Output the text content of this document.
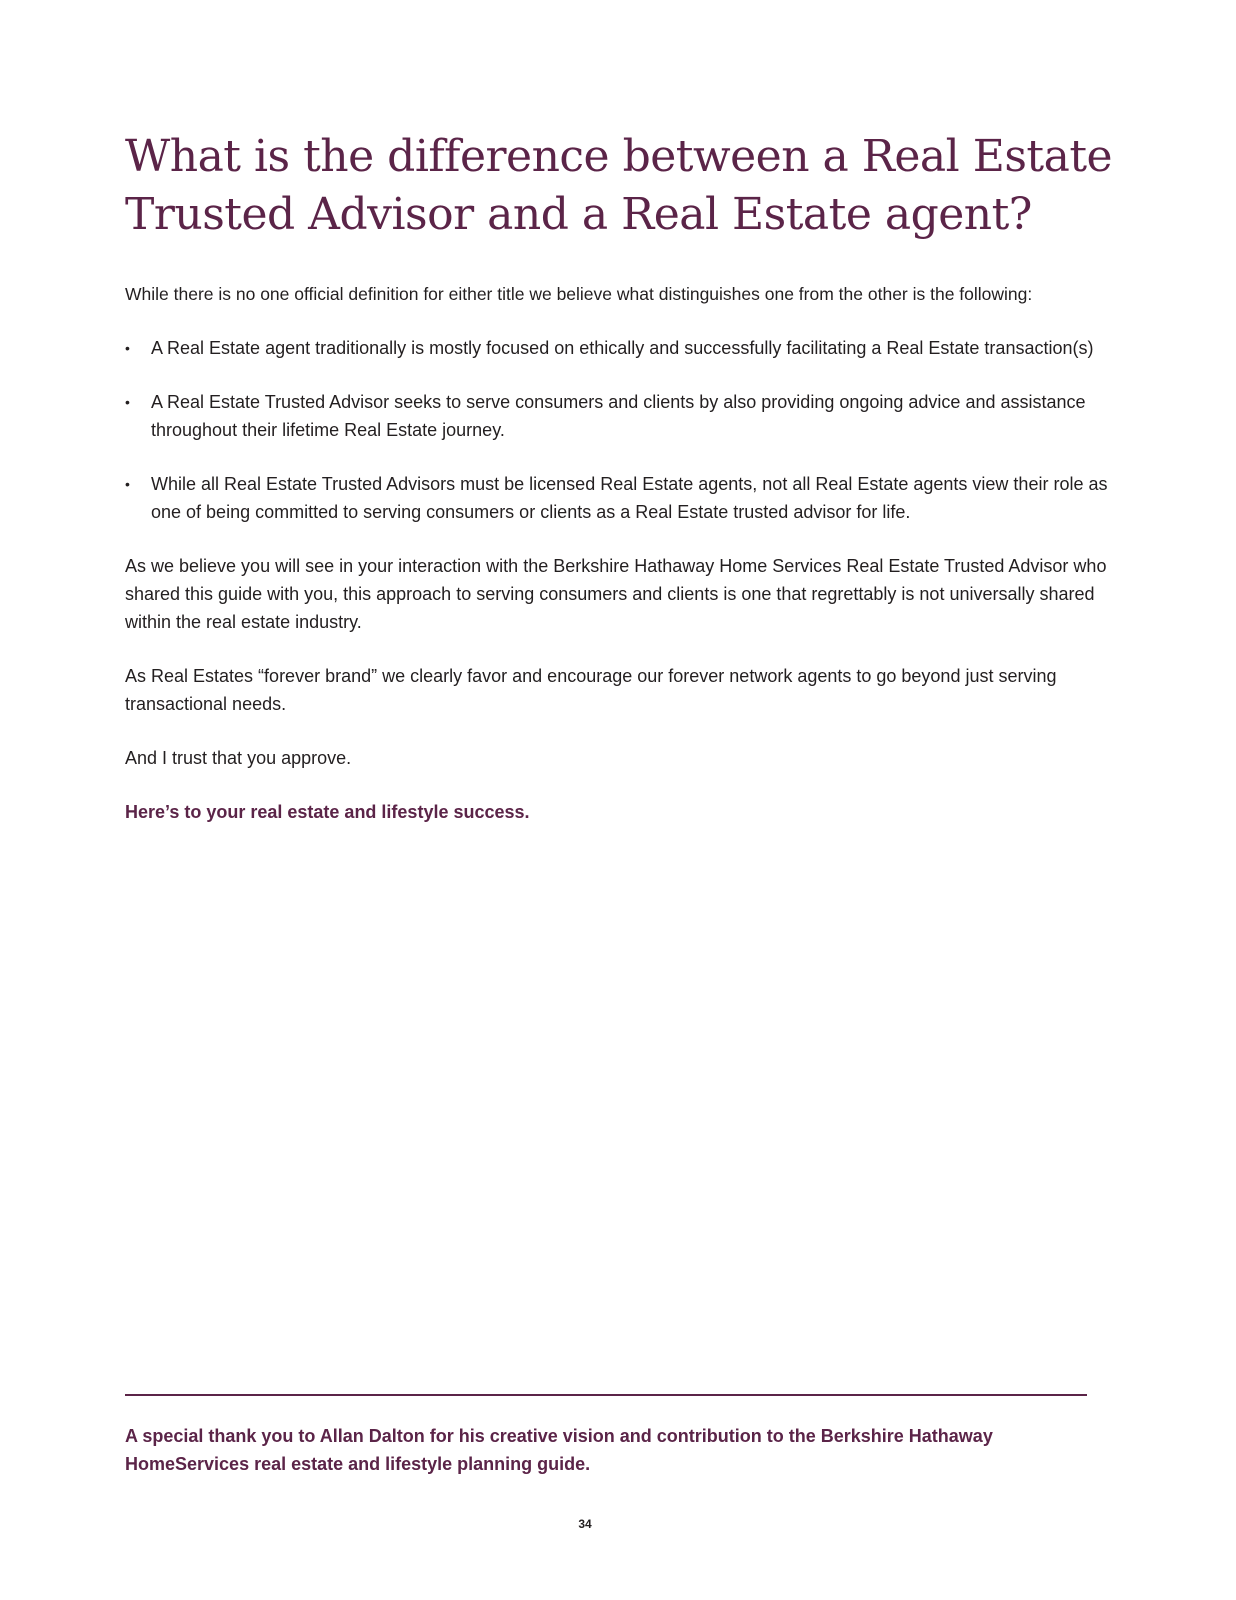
What is the difference between a Real Estate
Trusted Advisor and a Real Estate agent?

While there is no one official definition for either title we believe what distinguishes one from the other is the following:

• A Real Estate agent traditionally is mostly focused on ethically and successfully facilitating a Real Estate transaction(s)
• A Real Estate Trusted Advisor seeks to serve consumers and clients by also providing ongoing advice and assistance throughout their lifetime Real Estate journey.
• While all Real Estate Trusted Advisors must be licensed Real Estate agents, not all Real Estate agents view their role as one of being committed to serving consumers or clients as a Real Estate trusted advisor for life.

As we believe you will see in your interaction with the Berkshire Hathaway Home Services Real Estate Trusted Advisor who shared this guide with you, this approach to serving consumers and clients is one that regrettably is not universally shared within the real estate industry.

As Real Estates “forever brand” we clearly favor and encourage our forever network agents to go beyond just serving transactional needs.

And I trust that you approve.

Here’s to your real estate and lifestyle success.

A special thank you to Allan Dalton for his creative vision and contribution to the Berkshire Hathaway HomeServices real estate and lifestyle planning guide.

34
